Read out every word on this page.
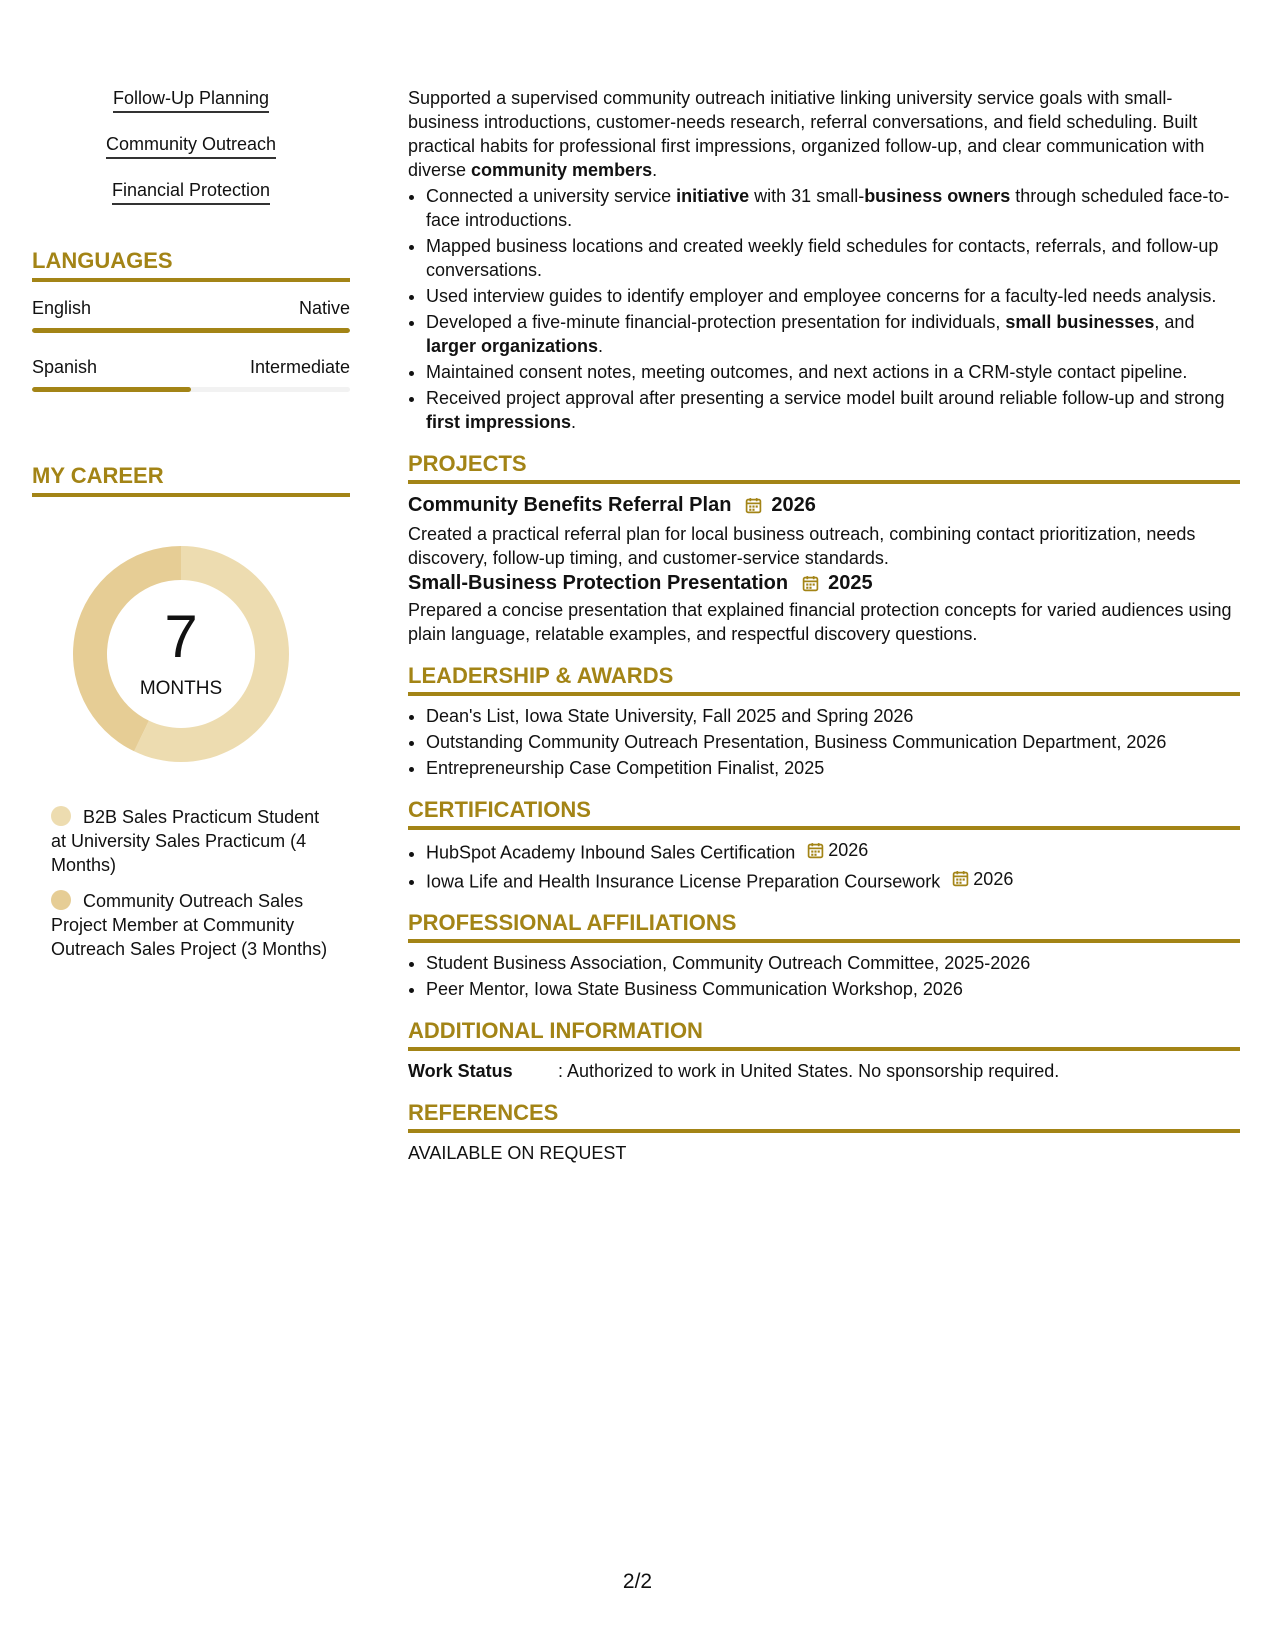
Follow-Up Planning
Community Outreach
Financial Protection
LANGUAGES
English	Native
Spanish	Intermediate
MY CAREER
7
MONTHS
B2B Sales Practicum Student at University Sales Practicum (4 Months)
Community Outreach Sales Project Member at Community Outreach Sales Project (3 Months)

Supported a supervised community outreach initiative linking university service goals with small-business introductions, customer-needs research, referral conversations, and field scheduling. Built practical habits for professional first impressions, organized follow-up, and clear communication with diverse community members.

• Connected a university service initiative with 31 small-business owners through scheduled face-to-face introductions.
• Mapped business locations and created weekly field schedules for contacts, referrals, and follow-up conversations.
• Used interview guides to identify employer and employee concerns for a faculty-led needs analysis.
• Developed a five-minute financial-protection presentation for individuals, small businesses, and larger organizations.
• Maintained consent notes, meeting outcomes, and next actions in a CRM-style contact pipeline.
• Received project approval after presenting a service model built around reliable follow-up and strong first impressions.
PROJECTS
Community Benefits Referral Plan 2026

Created a practical referral plan for local business outreach, combining contact prioritization, needs discovery, follow-up timing, and customer-service standards.

Small-Business Protection Presentation 2025

Prepared a concise presentation that explained financial protection concepts for varied audiences using plain language, relatable examples, and respectful discovery questions.

LEADERSHIP & AWARDS
• Dean's List, Iowa State University, Fall 2025 and Spring 2026
• Outstanding Community Outreach Presentation, Business Communication Department, 2026
• Entrepreneurship Case Competition Finalist, 2025
CERTIFICATIONS
• HubSpot Academy Inbound Sales Certification 2026
• Iowa Life and Health Insurance License Preparation Coursework 2026
PROFESSIONAL AFFILIATIONS
• Student Business Association, Community Outreach Committee, 2025-2026
• Peer Mentor, Iowa State Business Communication Workshop, 2026
ADDITIONAL INFORMATION
Work Status	: Authorized to work in United States. No sponsorship required.
REFERENCES

AVAILABLE ON REQUEST

2/2
